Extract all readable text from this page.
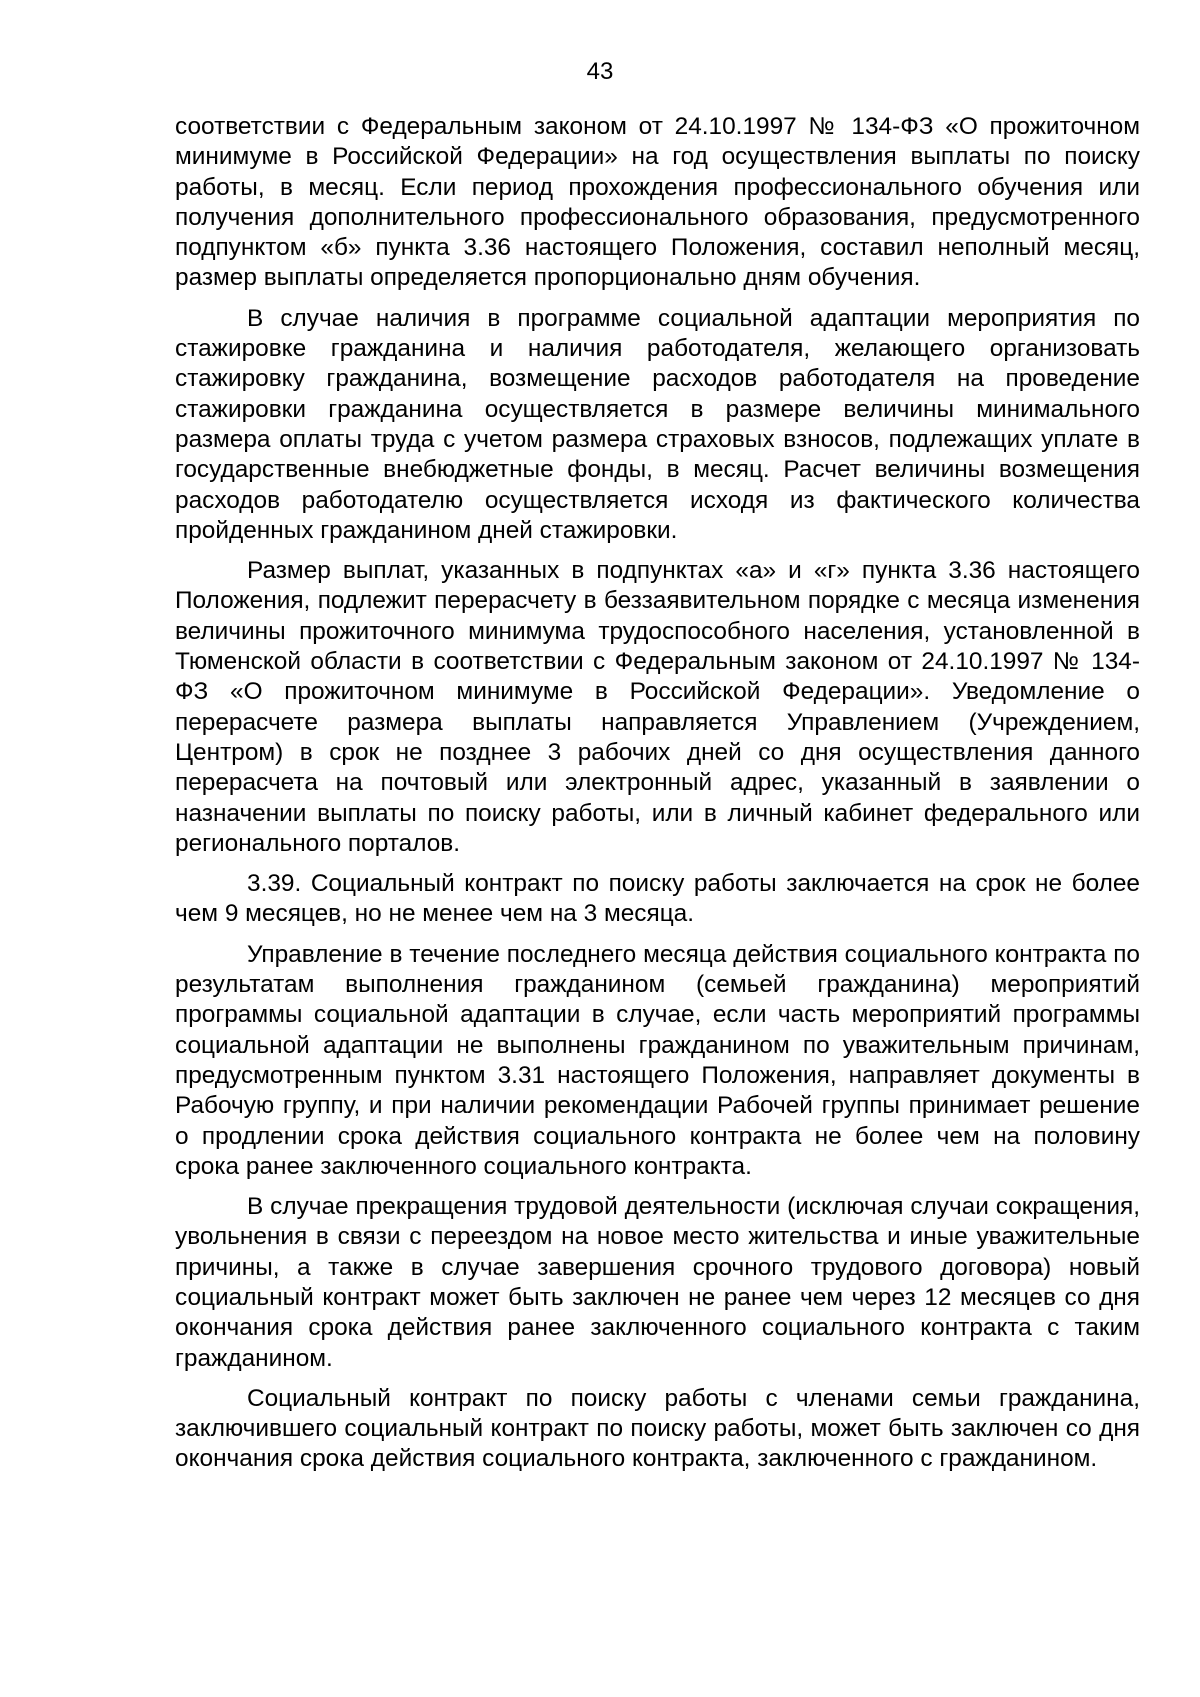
43

соответствии с Федеральным законом от 24.10.1997 № 134-ФЗ «О прожиточном минимуме в Российской Федерации» на год осуществления выплаты по поиску работы, в месяц. Если период прохождения профессионального обучения или получения дополнительного профессионального образования, предусмотренного подпунктом «б» пункта 3.36 настоящего Положения, составил неполный месяц, размер выплаты определяется пропорционально дням обучения.

В случае наличия в программе социальной адаптации мероприятия по стажировке гражданина и наличия работодателя, желающего организовать стажировку гражданина, возмещение расходов работодателя на проведение стажировки гражданина осуществляется в размере величины минимального размера оплаты труда с учетом размера страховых взносов, подлежащих уплате в государственные внебюджетные фонды, в месяц. Расчет величины возмещения расходов работодателю осуществляется исходя из фактического количества пройденных гражданином дней стажировки.

Размер выплат, указанных в подпунктах «а» и «г» пункта 3.36 настоящего Положения, подлежит перерасчету в беззаявительном порядке с месяца изменения величины прожиточного минимума трудоспособного населения, установленной в Тюменской области в соответствии с Федеральным законом от 24.10.1997 № 134-ФЗ «О прожиточном минимуме в Российской Федерации». Уведомление о перерасчете размера выплаты направляется Управлением (Учреждением, Центром) в срок не позднее 3 рабочих дней со дня осуществления данного перерасчета на почтовый или электронный адрес, указанный в заявлении о назначении выплаты по поиску работы, или в личный кабинет федерального или регионального порталов.

3.39. Социальный контракт по поиску работы заключается на срок не более чем 9 месяцев, но не менее чем на 3 месяца.

Управление в течение последнего месяца действия социального контракта по результатам выполнения гражданином (семьей гражданина) мероприятий программы социальной адаптации в случае, если часть мероприятий программы социальной адаптации не выполнены гражданином по уважительным причинам, предусмотренным пунктом 3.31 настоящего Положения, направляет документы в Рабочую группу, и при наличии рекомендации Рабочей группы принимает решение о продлении срока действия социального контракта не более чем на половину срока ранее заключенного социального контракта.

В случае прекращения трудовой деятельности (исключая случаи сокращения, увольнения в связи с переездом на новое место жительства и иные уважительные причины, а также в случае завершения срочного трудового договора) новый социальный контракт может быть заключен не ранее чем через 12 месяцев со дня окончания срока действия ранее заключенного социального контракта с таким гражданином.

Социальный контракт по поиску работы с членами семьи гражданина, заключившего социальный контракт по поиску работы, может быть заключен со дня окончания срока действия социального контракта, заключенного с гражданином.
